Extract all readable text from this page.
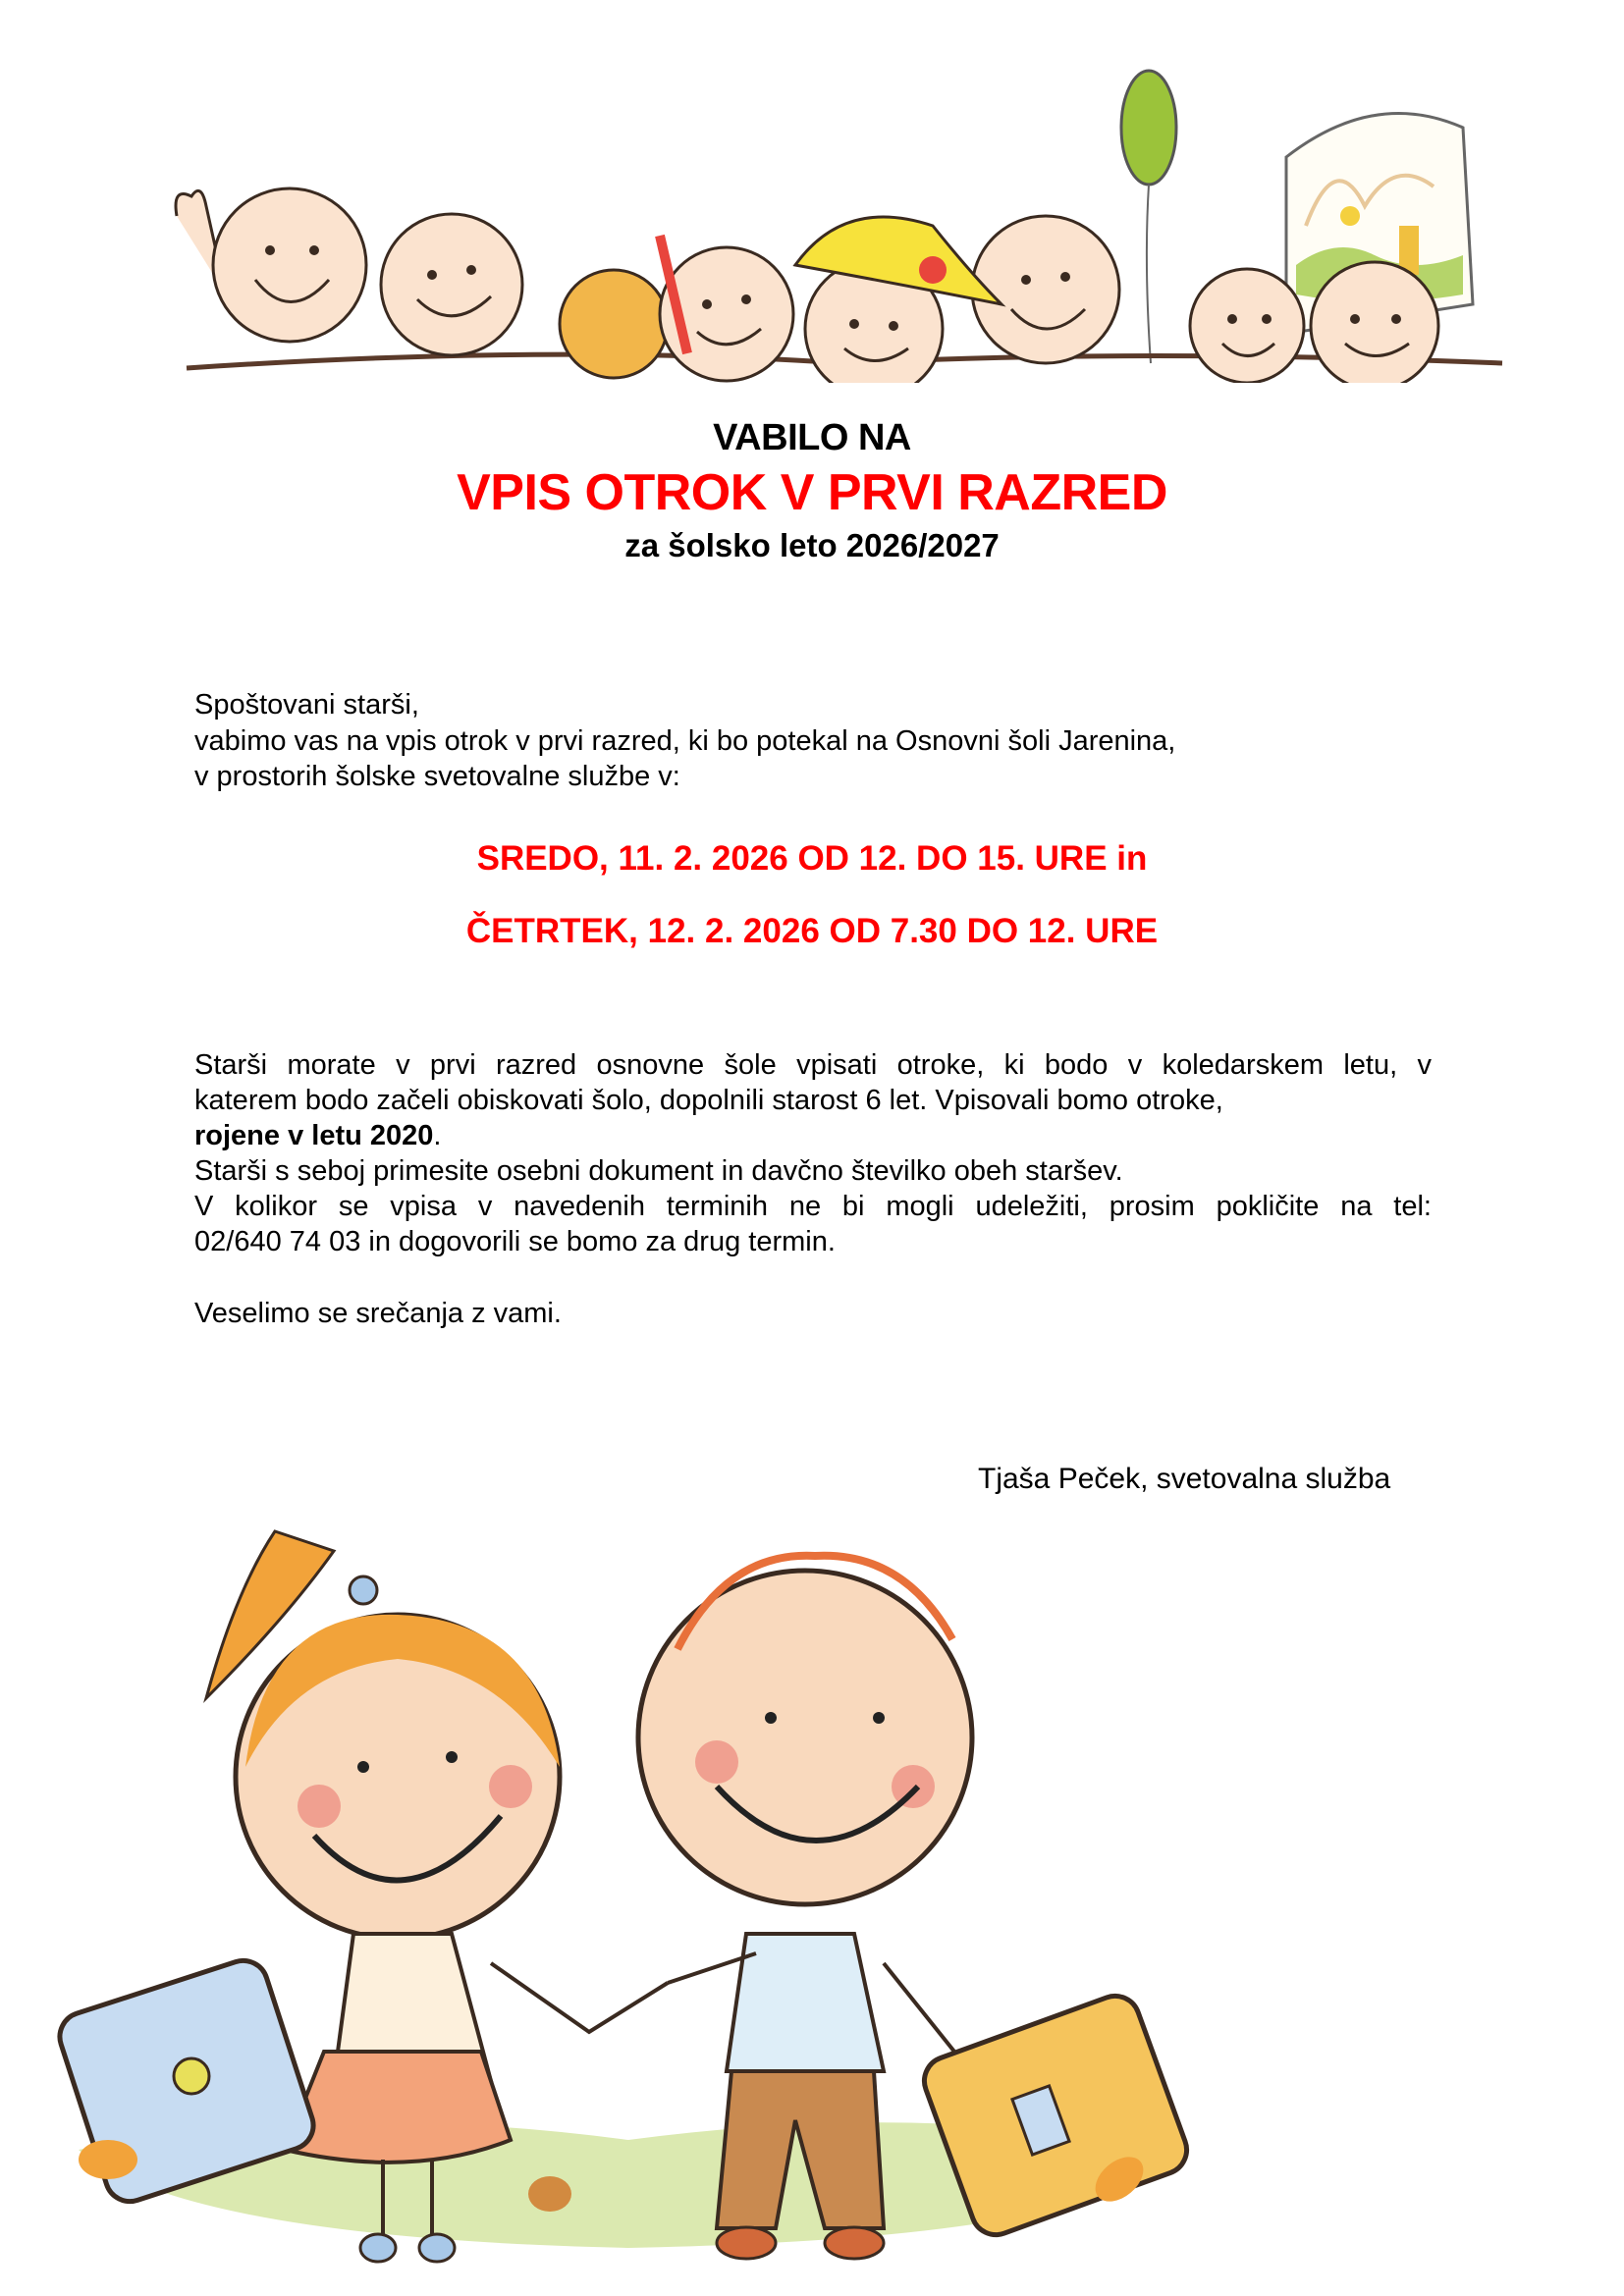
VABILO NA
VPIS OTROK V PRVI RAZRED
za šolsko leto 2026/2027
Spoštovani starši,
vabimo vas na vpis otrok v prvi razred, ki bo potekal na Osnovni šoli Jarenina,
v prostorih šolske svetovalne službe v:
SREDO, 11. 2. 2026 OD 12. DO 15. URE in
ČETRTEK, 12. 2. 2026 OD 7.30 DO 12. URE
Starši morate v prvi razred osnovne šole vpisati otroke, ki bodo v koledarskem letu, v
katerem bodo začeli obiskovati šolo, dopolnili starost 6 let. Vpisovali bomo otroke,
rojene v letu 2020.
Starši s seboj primesite osebni dokument in davčno številko obeh staršev.
V kolikor se vpisa v navedenih terminih ne bi mogli udeležiti, prosim pokličite na tel:
02/640 74 03 in dogovorili se bomo za drug termin.
Veselimo se srečanja z vami.
Tjaša Peček, svetovalna služba
